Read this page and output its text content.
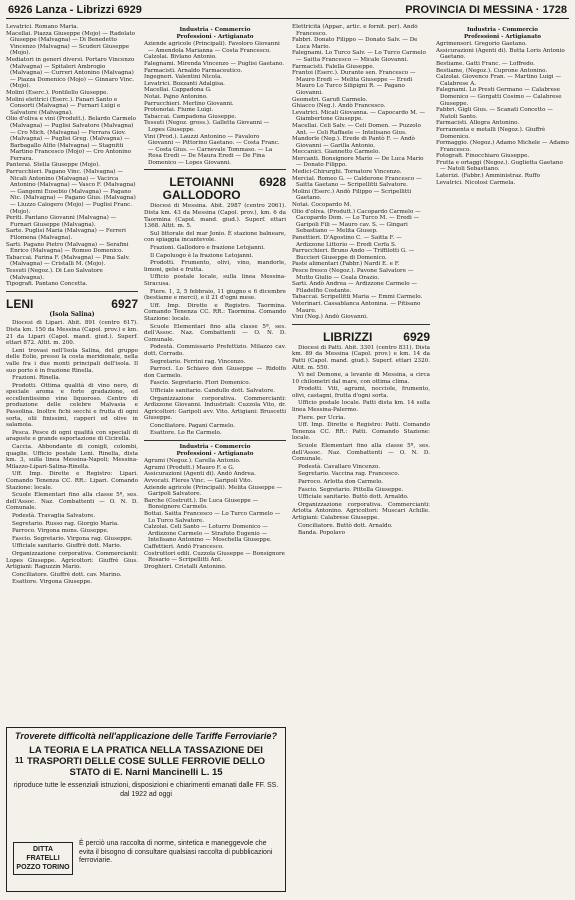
6926 Lanza - Librizzi 6929	PROVINCIA DI MESSINA · 1728

Levatrici. Romano Maria.

Macellai. Piazza Giuseppe (Mojo) — Radolato Giuseppe (Malvagna) — Di Benedetto Vincenzo (Malvagna) — Scuderi Giuseppe (Mojo).

Mediatori in generi diversi. Portaro Vincenzo (Malvagna) — Spitaleri Ambrogio (Malvagna) — Curreri Antonino (Malvagna) — Piazza Domenico (Mojo) — Ginnaro Vinc. (Mojo).

Molini (Eserc.). Pontilello Giuseppe.

Molini elettrici (Eserc.). Fanari Santo e Consorti (Malvagna) — Furnari Luigi e Salvatore (Malvagna).

Olio d'oliva e vini (Produtt.). Belardo Carmelo (Malvagna) — Puglisi Salvatore (Malvagna) — Cro Mich. (Malvagna) — Ferrara Giov. (Malvagna) — Puglisi Greg. (Malvagna) — Barbagallo Alfio (Malvagna) — Stagnitti Martino Francesco (Mojo) — Cro Antonino Ferrara.

Panterai. Stella Giuseppe (Mojo).

Parrucchieri. Pagano Vinc. (Malvagna) — Nicali Antonino (Malvagna) — Vacirca Antonino (Malvagna) — Vasco F. (Malvagna) — Gangemi Eusebio (Malvagna) — Pagano Nic. (Malvagna) — Pagano Gius. (Malvagna) — Liuzzo Calogero (Mojo) — Puglisi Franc. (Mojo).

Periti. Pantano Giovanni (Malvagna) — Furnari Giuseppe (Malvagna).

Sarte. Puglisi Maria (Malvagna) — Ferreri Filomena (Malvagna).

Sarti. Pagano Pietro (Malvagna) — Serafini Enrico (Malvagna) — Romeo Domenico.

Tabaccai. Farina F. (Malvagna) — Pina Salv. (Malvagna) — Cristalli M. (Mojo).

Tessuti (Negoz.). Di Leo Salvatore (Malvagna).

Tipografi. Pantano Concetta.

LENI	6927
(Isola Salina)

Diocesi di Lipari. Abit. 891 (centro 617). Dista km. 150 da Messina (Capol. prov.) e km. 21 da Lipari (Capol. mand. giud.). Superf. ettari 872. Altit. m. 200.

Leni trovasi nell'Isola Salina, del gruppo delle Eolie, presso la costa meridionale, nella valle fra i due monti principali dell'isola. Il suo porto è in frazione Rinella.

Frazioni. Rinella.

Prodotti. Ottima qualità di vino nero, di speciale aroma e forte gradazione, ed eccellentissimo vino liquoroso. Centro di produzione delle celebre Malvasia e Passolina. Inoltre fichi secchi e frutta di ogni sorta, olii finissimi, capperi ed olive in salamoia.

Pesca. Pesce di ogni qualità con speciali di aragoste e grande esportazione di Cicirella.

Caccia. Abbondante di conigli, colombi, quaglie. Ufficio postale Leni. Rinella, dista km. 3, sulla linea Messina-Napoli; Messina-Milazzo-Lipari-Salina-Rinella.

Uff. Imp. Dirette e Registro: Lipari. Comando Tenenza CC. RR.: Lipari. Comando Stazione: locale.

Scuole Elementari fino alla classe 5ª, ses. dell'Assoc. Naz. Combattenti — O. N. D. Comunale.

Podestà. Travaglia Salvatore.

Segretario. Russo rag. Giorgio Maria.

Parroco. Virgona mons. Giuseppe.

Fascio. Segretario. Virgona rag. Giuseppe.

Ufficiale sanitario. Giuffrè dott. Mario.

Organizzazione corporativa. Commercianti: Lopes Giuseppe. Agricoltori: Giuffrè Gius. Artigiani: Raguzzin Mario.

Conciliatore. Giuffrè dott. cav. Marino.

Esattore. Virgona Giuseppe.

Industria - Commercio
Professioni - Artigianato

Aziende agricole (Principali). Favoloro Giovanni — Amendola Marianna — Costa Francesco.

Calzolai. Bivlano Antonio.

Falegnami. Mirenda Vincenzo — Puglisi Gaetano.

Farmacisti. Arnaldo Farmaceutico.

Ingegneri. Valentini Nicola.

Levatrici. Bozzanti Adalgisa.

Macellai. Cappadona G.

Notai. Pajno Antonino.

Parrucchieri. Merlino Giovanni.

Protonotai. Fiume Luigi.

Tabaccai. Campadona Giuseppe.

Tessuti (Negoz. gross.). Galletta Giovanni — Lopes Giuseppe.

Vini (Prod.). Lauzzi Antonino — Favaloro Giovanni — Pittorino Gaetano. — Costa Franc. — Costa Gius. — Carnevale Tommaso. — La Rosa Eredi — De Maura Eredi — De Fina Domenico — Lopes Giovanni.

LETOIANNI
GALLODORO
6928

Diocesi di Messina. Abit. 2987 (centro 2061). Dista km. 43 da Messina (Capol. prov.), km. 6 da Taormina (Capol. mand. giud.). Superf. ettari 1368. Altit. m. 5.

Sul littorale del mar Jonio. È stazione balneare, con spiaggia incantevole.

Frazioni. Gallodoro e frazione Letojanni.

Il Capoluogo è la frazione Letojanni.

Prodotti. Frumento, olivi, vino, mandorle, limoni, gelsi e frutta.

Ufficio postale locale, sulla linea Messina-Siracusa.

Fiere. 1, 2, 5 febbraio, 11 giugno e 6 dicembre (bestiame e merci), e il 21 d'ogni mese.

Uff. Imp. Dirette e Registro. Taormina. Comando Tenenza CC. RR.: Taormina. Comando Stazione: locale.

Scuole Elementari fino alla classe 5ª, ses. dell'Assoc. Naz. Combattenti — O. N. D. Comunale.

Podestà. Commissario Prefettizio. Milazzo cav. dott. Corrado.

Segretario. Ferrini rag. Vincenzo.

Parroci. Lo Schiavo don Giuseppe — Ridolfo don Carmelo.

Fascio. Segretario. Flori Domenico.

Ufficiale sanitario. Candullo dott. Salvatore.

Organizzazione corporativa. Commercianti: Ardizzone Giovanni. Industriali: Cuzzola Vito, dr. Agricoltori: Garipoli avv. Vito. Artigiani: Bruscetti Giuseppe.

Conciliatore. Pagani Carmelo.

Esattore. Lo Re Carmelo.

Industria - Commercio
Professioni - Artigianato

Agrumi (Negoz.). Carella Antonio.

Agrumi (Produtt.) Mauro F. e G.

Assicurazioni (Agenti di). Andò Andrea.

Avvocati. Fleres Vinc. — Garipoli Vito.

Aziende agricole (Principali). Melita Giuseppe — Garipoli Salvatore.

Barche (Costrutt.). De Luca Giuseppe — Bonsignore Carmelo.

Bottai. Saitta Francesco — Lo Turco Carmelo — Lo Turco Salvatore.

Calzolai. Celi Santo — Loturro Domenico — Ardizzone Carmelo — Strafuto Eugenio — Intelisano Antonino — Moschella Giuseppe.

Caffettieri. Andò Francesco.

Costruttori edili. Cuzzola Giuseppe — Bonsignore Rosario — Scripellitti Ant.

Droghieri. Cristalli Antonino.

Elettricità (Appar., artic. e fornit. per). Andò Francesco.

Fabbri. Donato Filippo — Donato Salv. — De Luca Mario.

Falegnami. Lo Turco Salv. — Lo Turco Carmelo — Saitta Francesco — Micale Giovanni.

Farmacisti. Falella Giuseppe.

Frantoi (Eserc.). Durante sen. Francesco — Mauro Eredi — Melita Giuseppe — Eredi Mauro Lo Turco Silipigni R. — Pagano Giovanni.

Geometri. Garufi Carmelo.

Ghiacco (Neg.). Andò Francesco.

Levatrici. Micali Giovanna. — Capocardo M. — Giambertone Giuseppe.

Macellai. Celi Salv. — Celi Domen. — Puzzolo Ant. — Celi Raffaele — Intelisano Gius.

Mandorle (Neg.). Erede di Pantò F. — Andò Giovanni — Garilla Antonio.

Meccanici. Giannetto Carmelo.

Mercanti. Bonsignore Mario — De Luca Mario — Donato Filippo.

Medici-Chirurghi. Tornatore Vincenzo.

Mercial. Romeo G. — Calderone Francesco — Saitta Gaetano — Scripellitti Salvatore.

Molini (Eserc.) Andò Filippo — Scripellitti Gaetano.

Notai. Cocopardo M.

Olio d'oliva. (Produtt.) Cacopardo Carmelo — Cacopardo Dom. — Lo Turco M. — Eredi — Garipoli Fili — Mauro cav. S. — Gingari Sebastiano — Melita Giusep.

Panettieri. D'Agostino C. — Saitta F. — Ardizzone Littorio — Eredi Cerfa S.

Parrucchieri. Bruno Ando — Triffilotti G. — Buccieri Giuseppe di Domenico.

Paste alimentari (Fabbr.) Nardi E. e F.

Pesce fresco (Negoz.). Pavone Salvatore — Mutto Giulio — Ceala Orazio.

Sarti. Andò Andrea — Ardizzone Carmelo — Filadelfio Costante.

Tabaccai. Scripellitti Maria — Emmi Carmelo.

Veterinari. Cassablanca Antonina. — Pitisano Mauro.

Vini (Neg.) Andò Giovanni.

LIBRIZZI	6929

Diocesi di Patti. Abit. 3301 (centro 831). Dista km. 89 da Messina (Capol. prov.) e km. 14 da Patti (Capol. mand. giud.). Superf. ettari 2320. Altit. m. 550.

Vi nel Demone, a levante di Messina, a circa 10 chilometri dal mare, con ottima clima.

Prodotti. Viti, agrumi, nocciole, frumento, olivi, castagni, frutta d'ogni sorta.

Ufficio postale locale. Patti dista km. 14 sulla linea Messina-Palermo.

Fiere. per Ucria.

Uff. Imp. Dirette e Registro: Patti. Comando Tenenza CC. RR.: Patti. Comando Stazione: locale.

Scuole Elementari fino alla classe 5ª, ses. dell'Assoc. Naz. Combattenti — O. N. D. Comunale.

Podestà. Cavallaro Vincenzo.

Segretario. Vaccina rag. Francesco.

Parroco. Arlotta don Carmelo.

Fascio. Segretario. Pittella Giuseppe.

Ufficiale sanitario. Buttò dott. Arnaldo.

Organizzazione corporativa. Commercianti: Arlotta Antonino. Agricoltori: Muscari Achille. Artigiani: Calabrese Giuseppe.

Conciliatore. Buttò dott. Arnaldo.

Banda. Popolavo

Industria - Commercio
Professioni - Artigianato

Agrimensori. Gregorio Gaetano.

Assicurazioni (Agenti di). Butta Loris Antonio Gaetano.

Bestiame. Gatti Franc. — Loffredo.

Bestiame, (Negoz.). Cuprone Antonino.

Calzolai. Giovenco Fran. — Martino Luigi — Calabrese A.

Falegnami. Lo Presti Germano — Calabrese Domenico — Gorgatti Cosimo — Calabrese Giuseppe.

Fabbri. Gigli Gius. — Scanati Concetto — Natoli Santo.

Farmacisti. Allegra Antonino.

Ferramenta e metalli (Negoz.). Giuffrè Domenico.

Formaggio. (Negoz.) Adamo Michele — Adamo Francesco.

Fotografi. Finocchiaro Giuseppe.

Frutta e ortaggi (Negoz.). Guglietta Gaetano — Natoli Sebastiano.

Laterizi. (Fabbr.) Amministraz. Ruffo

Levatrici. Nicolosi Carmela.

Troverete difficoltà nell'applicazione delle Tariffe Ferroviarie?
11
LA TEORIA E LA PRATICA NELLA TASSAZIONE DEI TRASPORTI DELLE COSE SULLE FERROVIE DELLO STATO di E. Narni Mancinelli L. 15
riproduce tutte le essenziali istruzioni, disposizioni e chiarimenti emanati dalle FF. SS. dal 1922 ad oggi
DITTA FRATELLI POZZO TORINO
È perciò una raccolta di norme, sintetica e maneggevole che evita il bisogno di consultare qualsiasi raccolta di pubblicazioni ferroviarie.
